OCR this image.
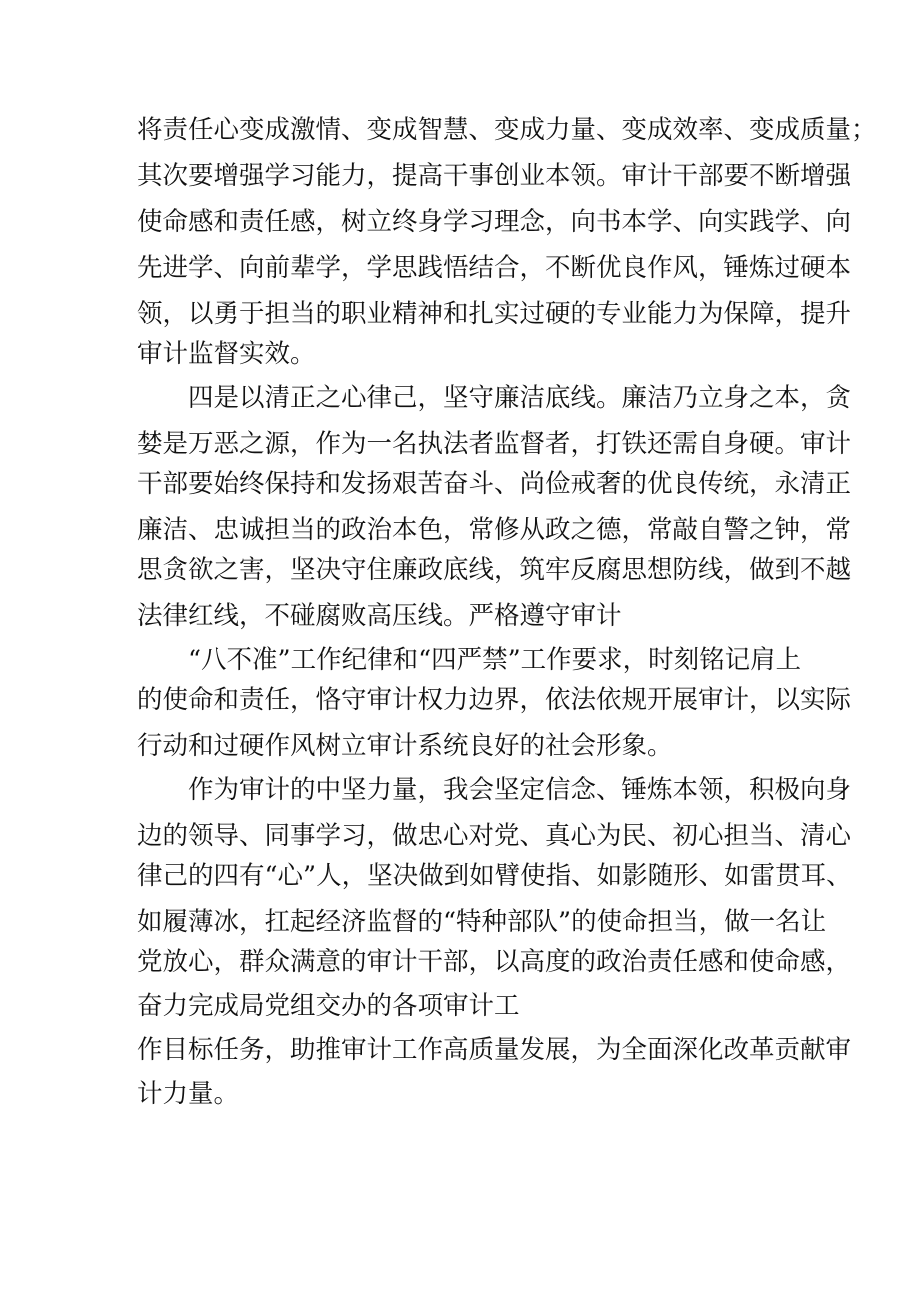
将责任心变成激情、变成智慧、变成力量、变成效率、变成质量；
其次要增强学习能力，提高干事创业本领。审计干部要不断增强
使命感和责任感，树立终身学习理念，向书本学、向实践学、向
先进学、向前辈学，学思践悟结合，不断优良作风，锤炼过硬本
领，以勇于担当的职业精神和扎实过硬的专业能力为保障，提升
审计监督实效。
四是以清正之心律己，坚守廉洁底线。廉洁乃立身之本，贪
婪是万恶之源，作为一名执法者监督者，打铁还需自身硬。审计
干部要始终保持和发扬艰苦奋斗、尚俭戒奢的优良传统，永清正
廉洁、忠诚担当的政治本色，常修从政之德，常敲自警之钟，常
思贪欲之害，坚决守住廉政底线，筑牢反腐思想防线，做到不越
法律红线，不碰腐败高压线。严格遵守审计
“八不准”工作纪律和“四严禁”工作要求，时刻铭记肩上
的使命和责任，恪守审计权力边界，依法依规开展审计，以实际
行动和过硬作风树立审计系统良好的社会形象。
作为审计的中坚力量，我会坚定信念、锤炼本领，积极向身
边的领导、同事学习，做忠心对党、真心为民、初心担当、清心
律己的四有“心”人，坚决做到如臂使指、如影随形、如雷贯耳、
如履薄冰，扛起经济监督的“特种部队”的使命担当，做一名让
党放心，群众满意的审计干部，以高度的政治责任感和使命感，
奋力完成局党组交办的各项审计工
作目标任务，助推审计工作高质量发展，为全面深化改革贡献审
计力量。
